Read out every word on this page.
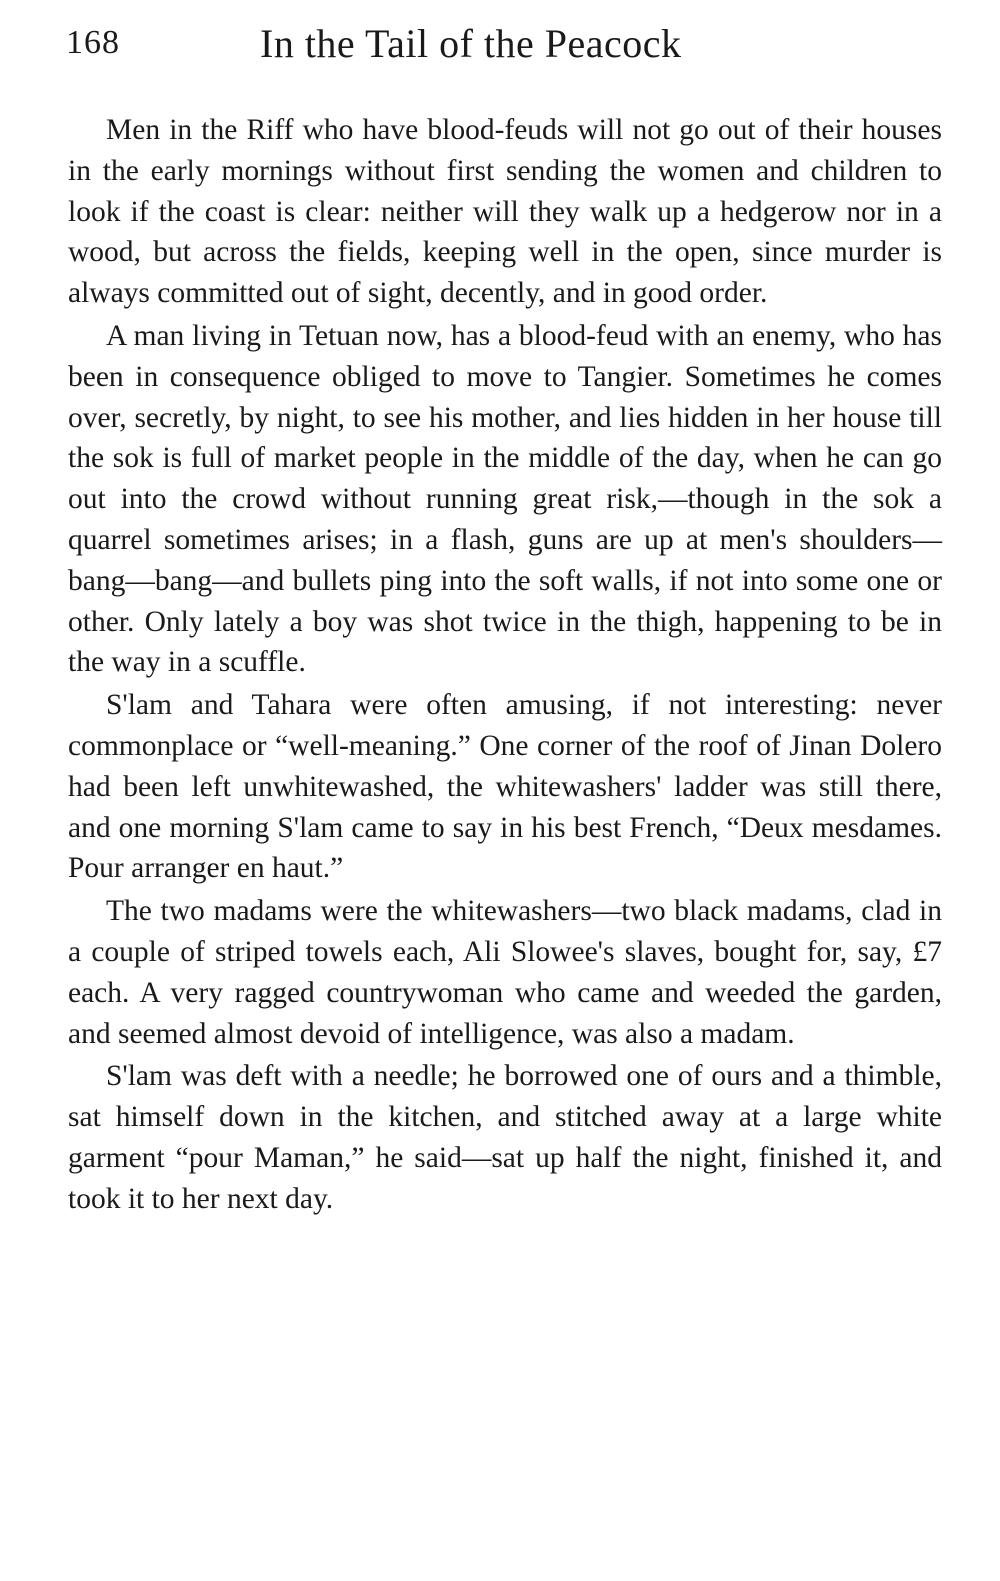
168	In the Tail of the Peacock

Men in the Riff who have blood-feuds will not go out of their houses in the early mornings without first sending the women and children to look if the coast is clear: neither will they walk up a hedgerow nor in a wood, but across the fields, keeping well in the open, since murder is always committed out of sight, decently, and in good order.

A man living in Tetuan now, has a blood-feud with an enemy, who has been in consequence obliged to move to Tangier. Sometimes he comes over, secretly, by night, to see his mother, and lies hidden in her house till the sok is full of market people in the middle of the day, when he can go out into the crowd without running great risk,—though in the sok a quarrel sometimes arises; in a flash, guns are up at men's shoulders—bang—bang—and bullets ping into the soft walls, if not into some one or other. Only lately a boy was shot twice in the thigh, happening to be in the way in a scuffle.

S'lam and Tahara were often amusing, if not interesting: never commonplace or “well-meaning.” One corner of the roof of Jinan Dolero had been left unwhitewashed, the whitewashers' ladder was still there, and one morning S'lam came to say in his best French, “Deux mesdames. Pour arranger en haut.”

The two madams were the whitewashers—two black madams, clad in a couple of striped towels each, Ali Slowee's slaves, bought for, say, £7 each. A very ragged countrywoman who came and weeded the garden, and seemed almost devoid of intelligence, was also a madam.

S'lam was deft with a needle; he borrowed one of ours and a thimble, sat himself down in the kitchen, and stitched away at a large white garment “pour Maman,” he said—sat up half the night, finished it, and took it to her next day.
